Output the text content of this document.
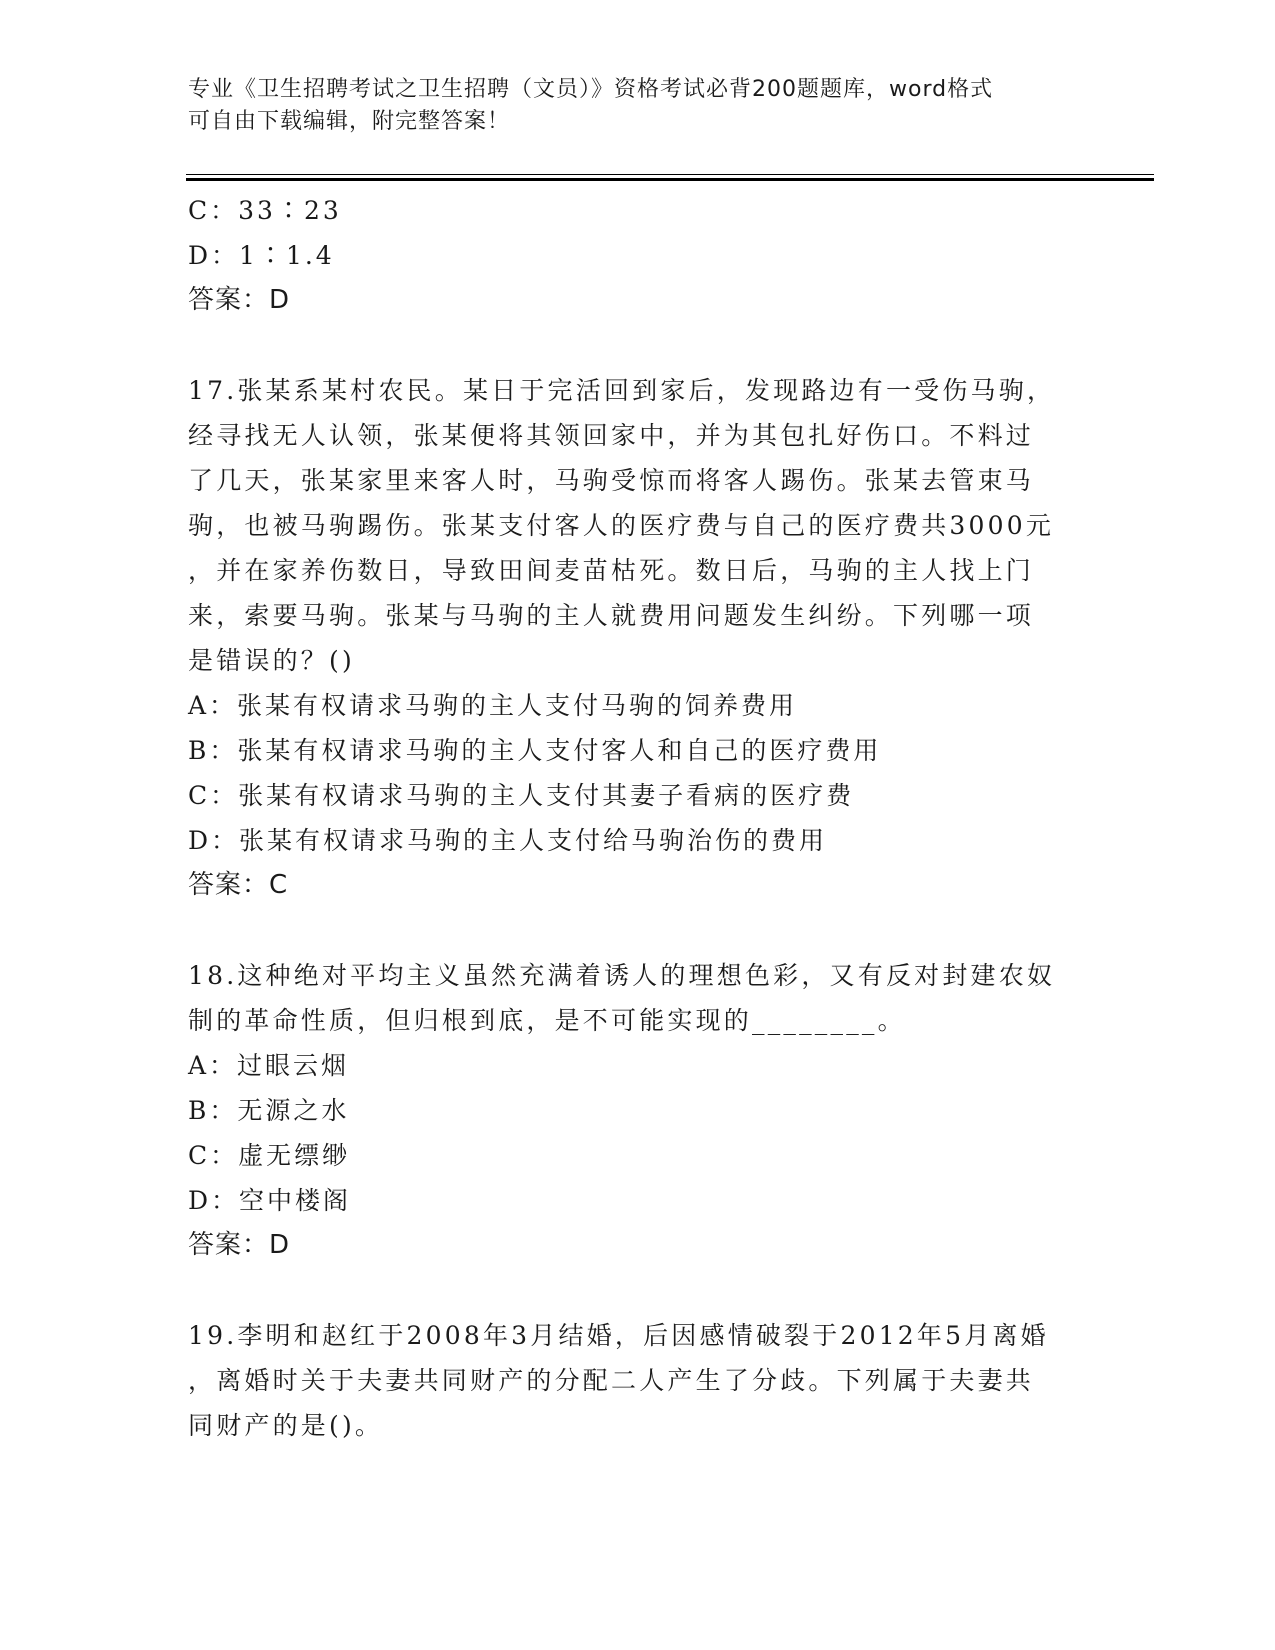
专业《卫生招聘考试之卫生招聘（文员）》资格考试必背200题题库，word格式
可自由下载编辑，附完整答案！
C：33∶23
D：1∶1.4
答案：D
17.张某系某村农民。某日于完活回到家后，发现路边有一受伤马驹，
经寻找无人认领，张某便将其领回家中，并为其包扎好伤口。不料过
了几天，张某家里来客人时，马驹受惊而将客人踢伤。张某去管束马
驹，也被马驹踢伤。张某支付客人的医疗费与自己的医疗费共3000元
，并在家养伤数日，导致田间麦苗枯死。数日后，马驹的主人找上门
来，索要马驹。张某与马驹的主人就费用问题发生纠纷。下列哪一项
是错误的？()
A：张某有权请求马驹的主人支付马驹的饲养费用
B：张某有权请求马驹的主人支付客人和自己的医疗费用
C：张某有权请求马驹的主人支付其妻子看病的医疗费
D：张某有权请求马驹的主人支付给马驹治伤的费用
答案：C
18.这种绝对平均主义虽然充满着诱人的理想色彩，又有反对封建农奴
制的革命性质，但归根到底，是不可能实现的________。
A：过眼云烟
B：无源之水
C：虚无缥缈
D：空中楼阁
答案：D
19.李明和赵红于2008年3月结婚，后因感情破裂于2012年5月离婚
，离婚时关于夫妻共同财产的分配二人产生了分歧。下列属于夫妻共
同财产的是()。
